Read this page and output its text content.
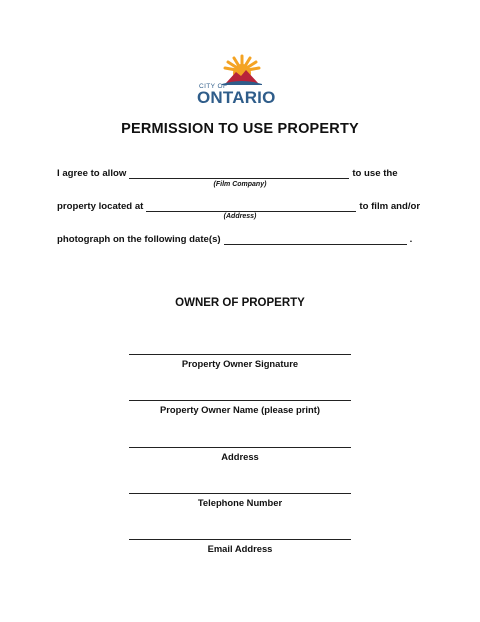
CITY OF
ONTARIO
PERMISSION TO USE PROPERTY
I agree to allow	to use the
(Film Company)
property located at	to film and/or
(Address)
photograph on the following date(s)	.
OWNER OF PROPERTY
Property Owner Signature
Property Owner Name (please print)
Address
Telephone Number
Email Address
